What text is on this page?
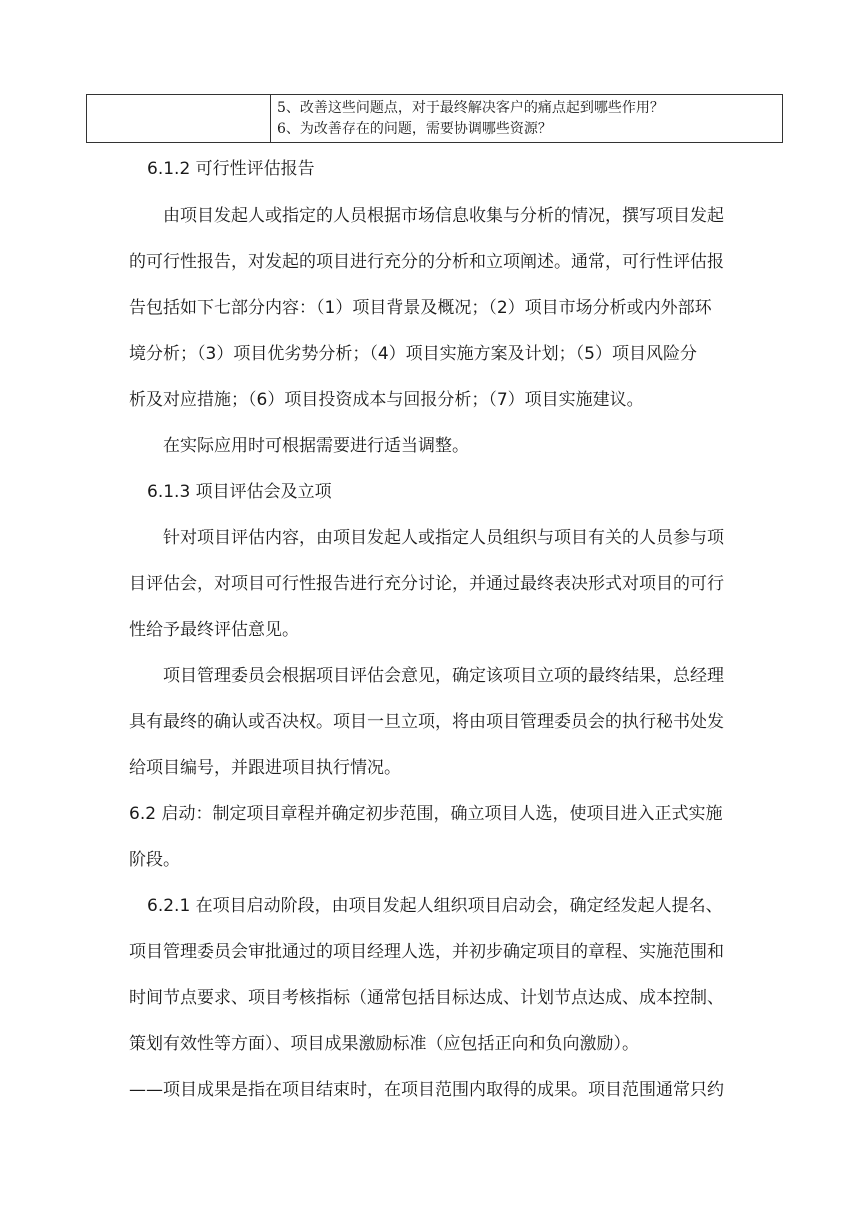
5、改善这些问题点，对于最终解决客户的痛点起到哪些作用？
6、为改善存在的问题，需要协调哪些资源？
6.1.2 可行性评估报告
由项目发起人或指定的人员根据市场信息收集与分析的情况，撰写项目发起
的可行性报告，对发起的项目进行充分的分析和立项阐述。通常，可行性评估报
告包括如下七部分内容：（1）项目背景及概况；（2）项目市场分析或内外部环
境分析；（3）项目优劣势分析；（4）项目实施方案及计划；（5）项目风险分
析及对应措施；（6）项目投资成本与回报分析；（7）项目实施建议。
在实际应用时可根据需要进行适当调整。
6.1.3 项目评估会及立项
针对项目评估内容，由项目发起人或指定人员组织与项目有关的人员参与项
目评估会，对项目可行性报告进行充分讨论，并通过最终表决形式对项目的可行
性给予最终评估意见。
项目管理委员会根据项目评估会意见，确定该项目立项的最终结果，总经理
具有最终的确认或否决权。项目一旦立项，将由项目管理委员会的执行秘书处发
给项目编号，并跟进项目执行情况。
6.2 启动：制定项目章程并确定初步范围，确立项目人选，使项目进入正式实施
阶段。
6.2.1 在项目启动阶段，由项目发起人组织项目启动会，确定经发起人提名、
项目管理委员会审批通过的项目经理人选，并初步确定项目的章程、实施范围和
时间节点要求、项目考核指标（通常包括目标达成、计划节点达成、成本控制、
策划有效性等方面）、项目成果激励标准（应包括正向和负向激励）。
——项目成果是指在项目结束时，在项目范围内取得的成果。项目范围通常只约
